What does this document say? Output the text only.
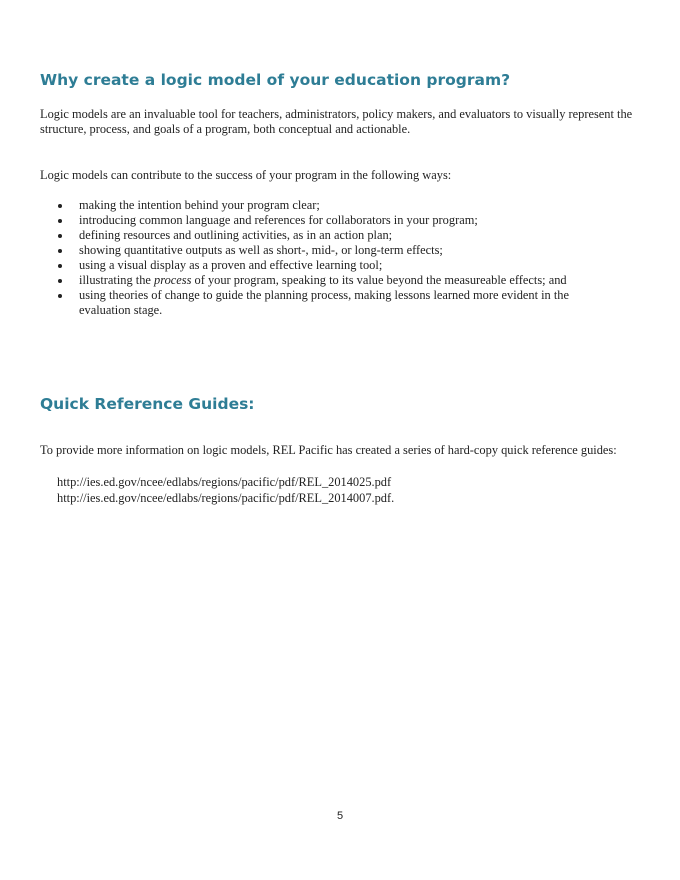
Why create a logic model of your education program?

Logic models are an invaluable tool for teachers, administrators, policy makers, and evaluators to visually represent the structure, process, and goals of a program, both conceptual and actionable.

Logic models can contribute to the success of your program in the following ways:

making the intention behind your program clear;
introducing common language and references for collaborators in your program;
defining resources and outlining activities, as in an action plan;
showing quantitative outputs as well as short-, mid-, or long-term effects;
using a visual display as a proven and effective learning tool;
illustrating the process of your program, speaking to its value beyond the measureable effects; and
using theories of change to guide the planning process, making lessons learned more evident in the evaluation stage.
Quick Reference Guides:

To provide more information on logic models, REL Pacific has created a series of hard-copy quick reference guides:

http://ies.ed.gov/ncee/edlabs/regions/pacific/pdf/REL_2014025.pdf
http://ies.ed.gov/ncee/edlabs/regions/pacific/pdf/REL_2014007.pdf.
5
